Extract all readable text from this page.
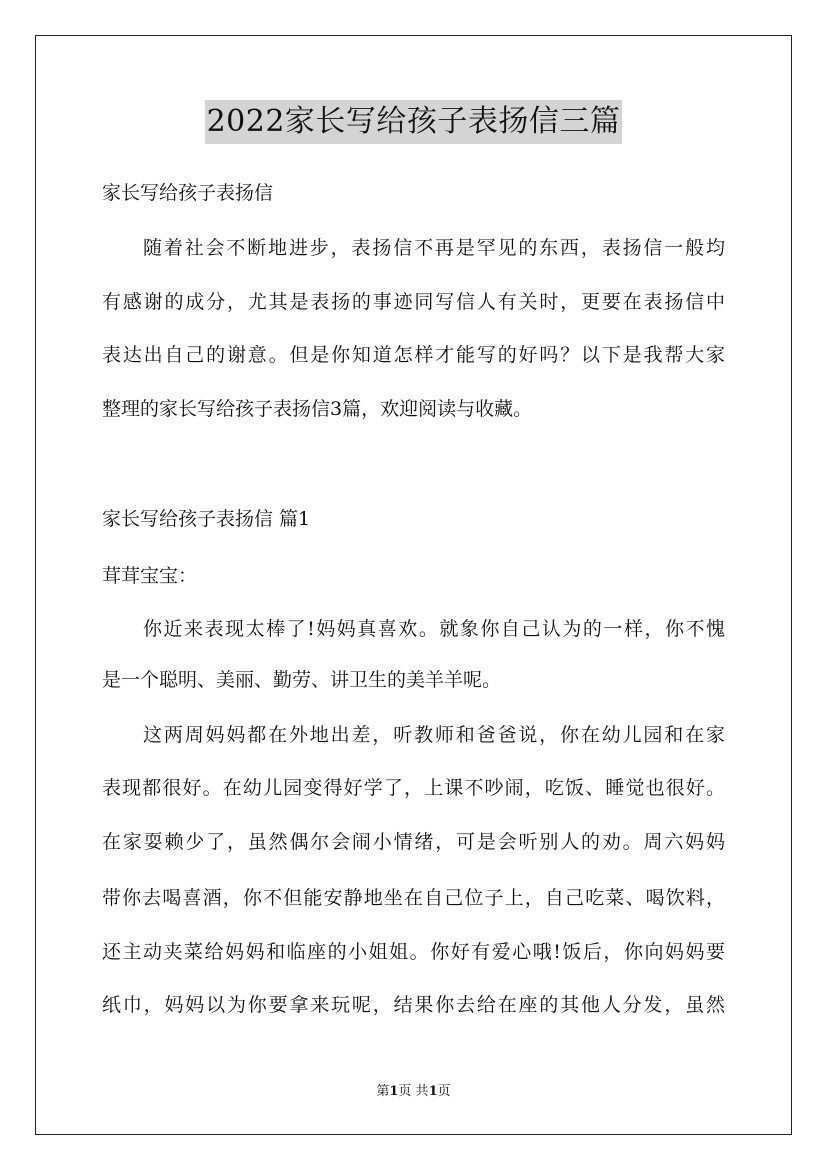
2022家长写给孩子表扬信三篇
家长写给孩子表扬信
随着社会不断地进步，表扬信不再是罕见的东西，表扬信一般均
有感谢的成分，尤其是表扬的事迹同写信人有关时，更要在表扬信中
表达出自己的谢意。但是你知道怎样才能写的好吗？以下是我帮大家
整理的家长写给孩子表扬信3篇，欢迎阅读与收藏。
家长写给孩子表扬信 篇1
茸茸宝宝：
你近来表现太棒了!妈妈真喜欢。就象你自己认为的一样，你不愧
是一个聪明、美丽、勤劳、讲卫生的美羊羊呢。
这两周妈妈都在外地出差，听教师和爸爸说，你在幼儿园和在家
表现都很好。在幼儿园变得好学了，上课不吵闹，吃饭、睡觉也很好。
在家耍赖少了，虽然偶尔会闹小情绪，可是会听别人的劝。周六妈妈
带你去喝喜酒，你不但能安静地坐在自己位子上，自己吃菜、喝饮料，
还主动夹菜给妈妈和临座的小姐姐。你好有爱心哦!饭后，你向妈妈要
纸巾，妈妈以为你要拿来玩呢，结果你去给在座的其他人分发，虽然
第1页 共1页
